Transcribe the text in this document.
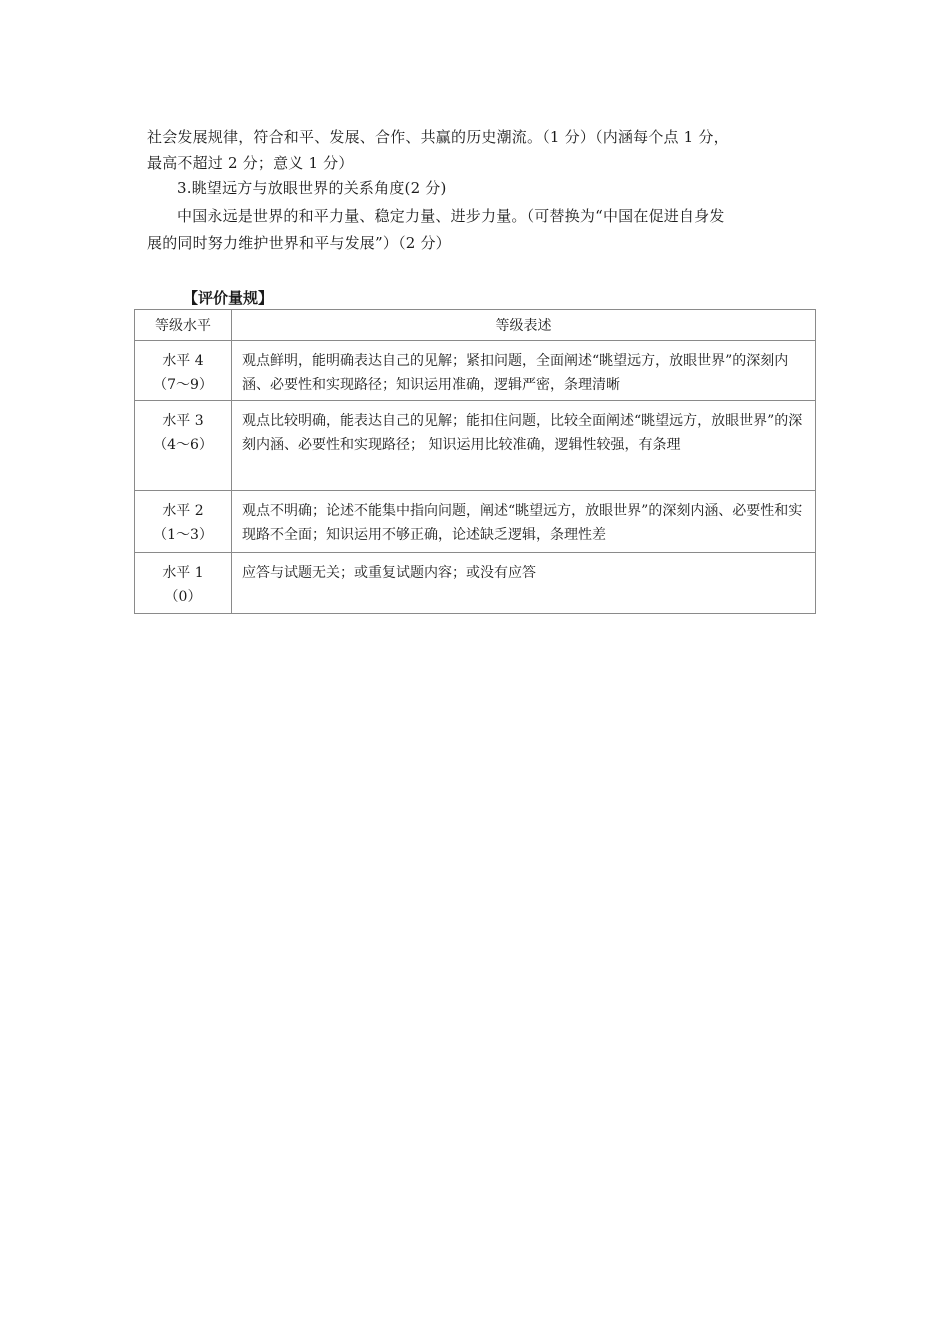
社会发展规律，符合和平、发展、合作、共赢的历史潮流。（1 分）（内涵每个点 1 分，
最高不超过 2 分；意义 1 分）
3.眺望远方与放眼世界的关系角度(2 分)
中国永远是世界的和平力量、稳定力量、进步力量。（可替换为“中国在促进自身发
展的同时努力维护世界和平与发展”）（2 分）
【评价量规】
等级水平	等级表述

水平 4
（7～9）	观点鲜明，能明确表达自己的见解；紧扣问题，全面阐述“眺望远方，放眼世界”的深刻内涵、必要性和实现路径；知识运用准确，逻辑严密，条理清晰

水平 3
（4～6）	观点比较明确，能表达自己的见解；能扣住问题，比较全面阐述“眺望远方，放眼世界”的深刻内涵、必要性和实现路径； 知识运用比较准确，逻辑性较强，有条理

水平 2
（1～3）	观点不明确；论述不能集中指向问题，阐述“眺望远方，放眼世界”的深刻内涵、必要性和实现路不全面；知识运用不够正确，论述缺乏逻辑，条理性差

水平 1
（0）	应答与试题无关；或重复试题内容；或没有应答
